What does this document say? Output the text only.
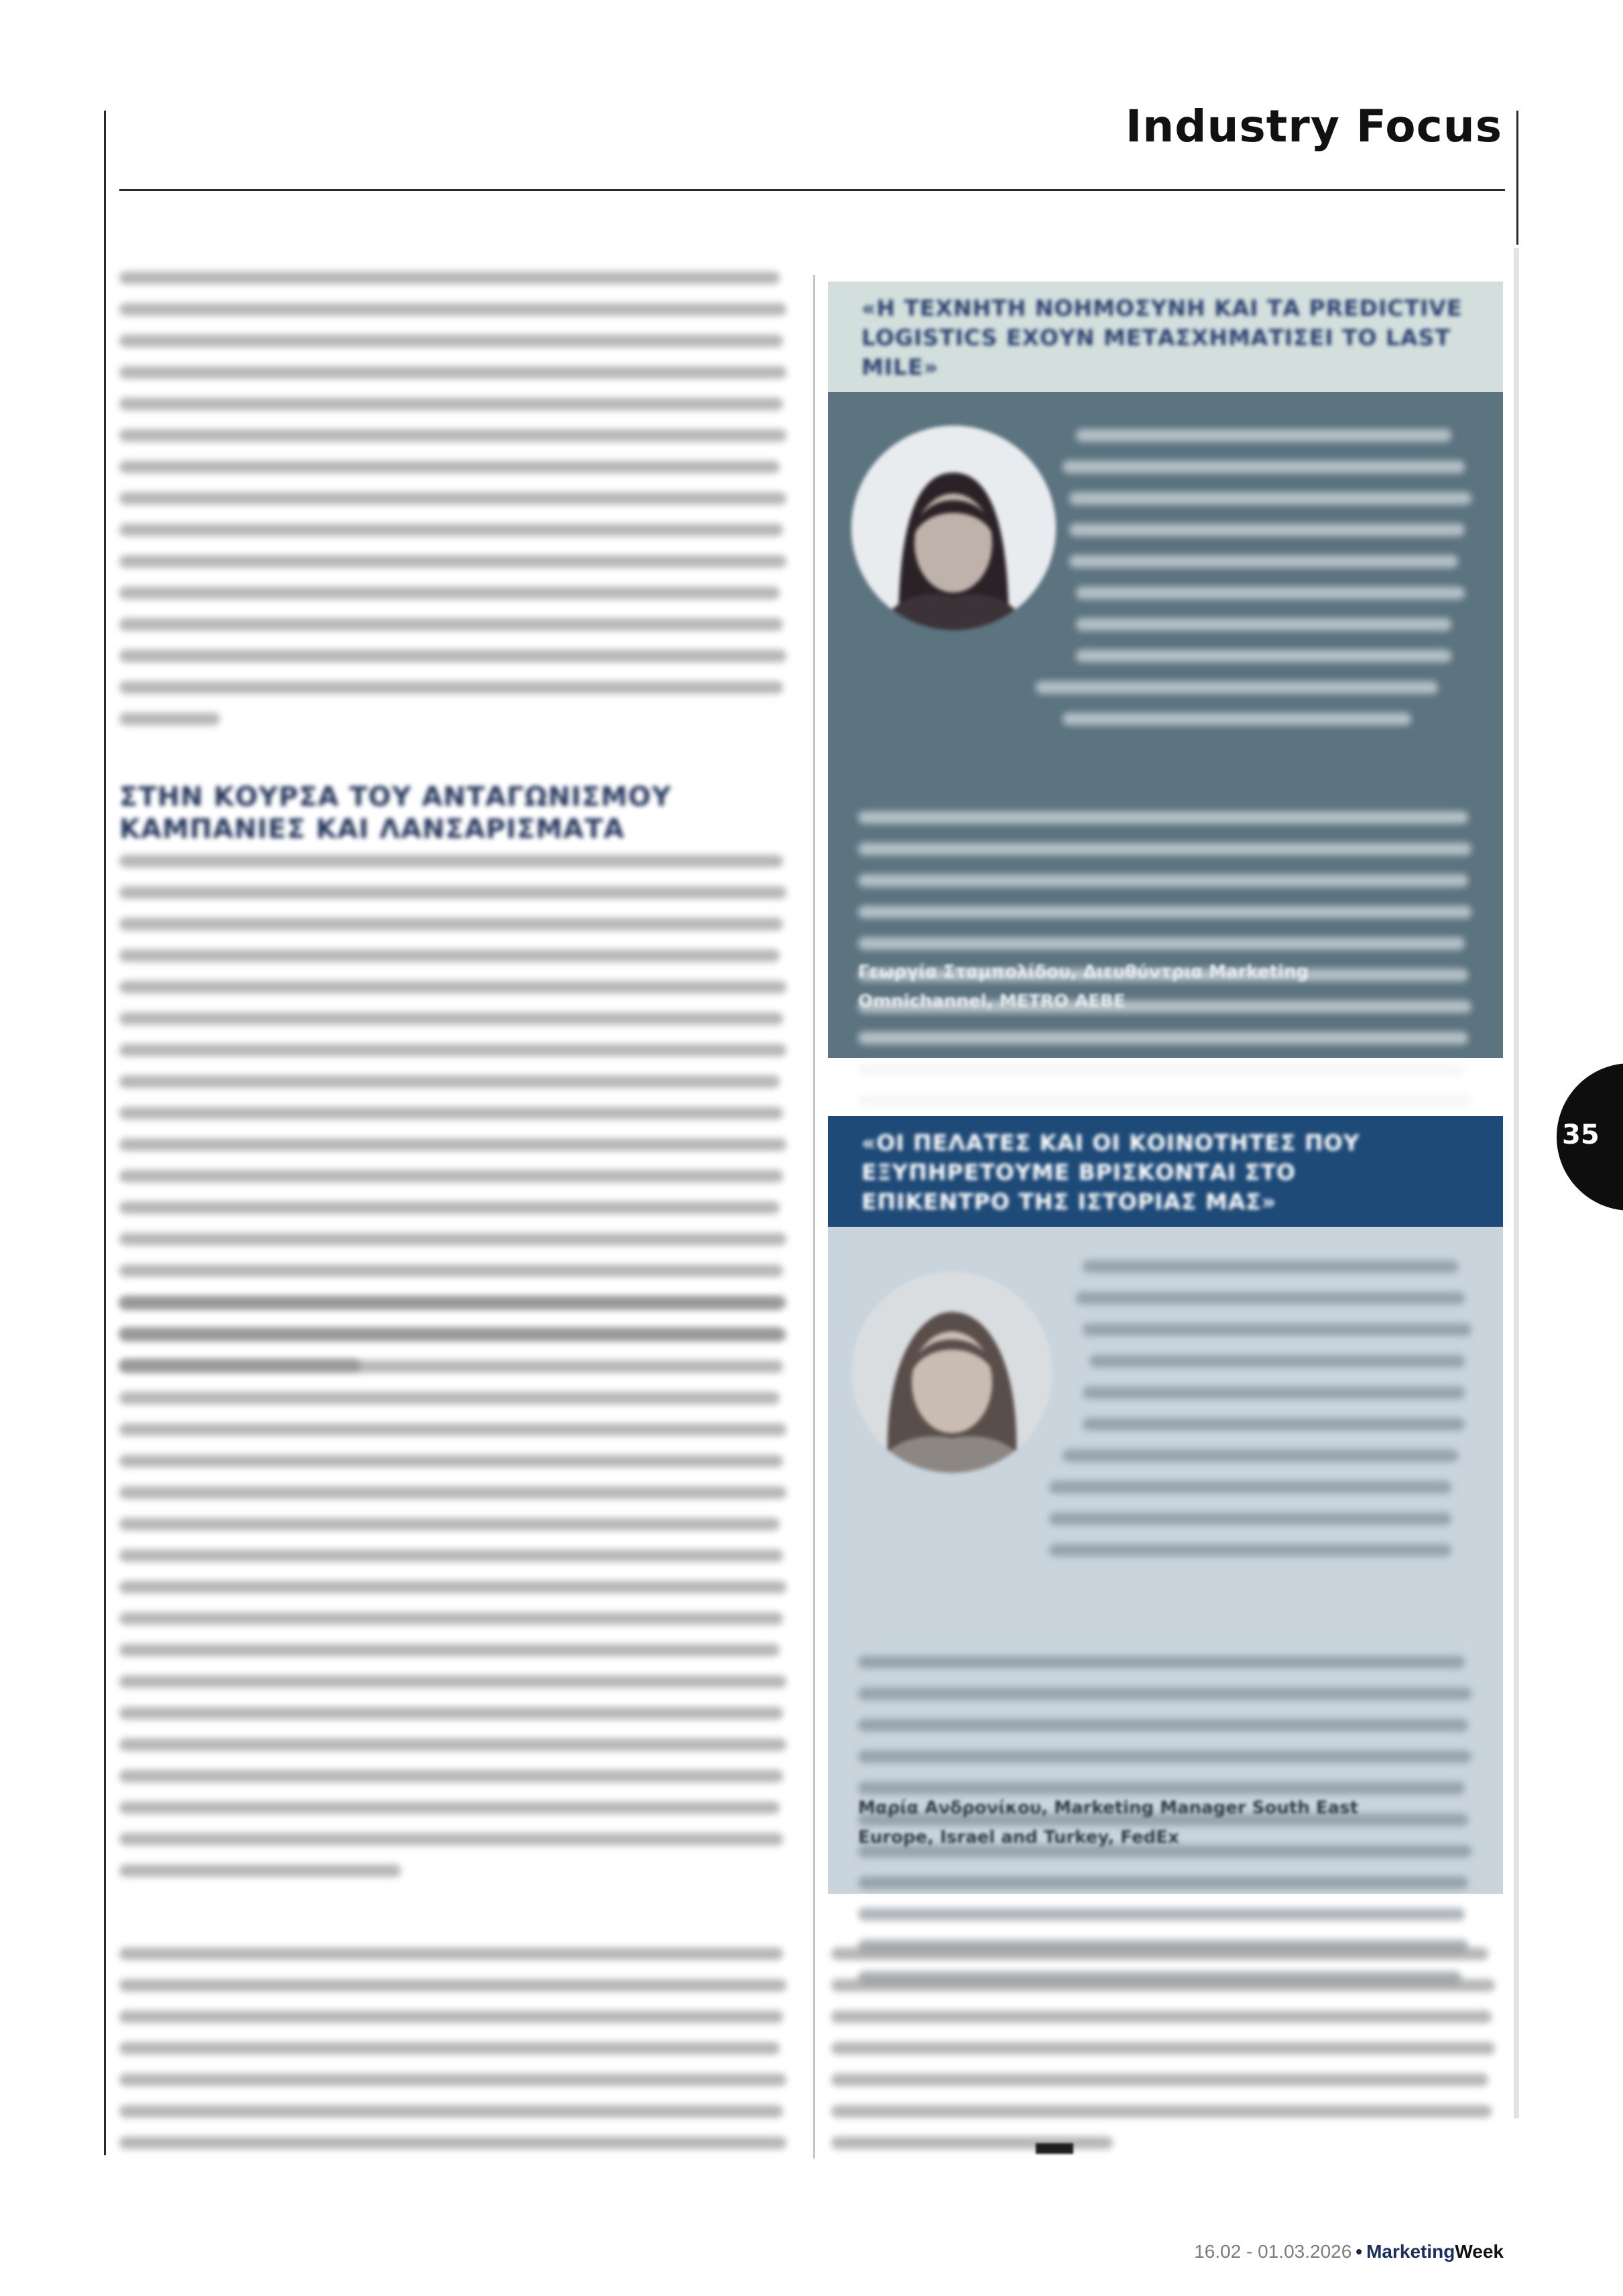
Industry Focus
35
ΣΤΗΝ ΚΟΥΡΣΑ ΤΟΥ ΑΝΤΑΓΩΝΙΣΜΟΥ ΚΑΜΠΑΝΙΕΣ ΚΑΙ ΛΑΝΣΑΡΙΣΜΑΤΑ

«Η ΤΕΧΝΗΤΗ ΝΟΗΜΟΣΥΝΗ ΚΑΙ ΤΑ PREDICTIVE LOGISTICS ΕΧΟΥΝ ΜΕΤΑΣΧΗΜΑΤΙΣΕΙ ΤΟ LAST MILE»

Γεωργία Σταμπολίδου, Διευθύντρια Marketing Omnichannel, METRO ΑΕΒΕ

«ΟΙ ΠΕΛΑΤΕΣ ΚΑΙ ΟΙ ΚΟΙΝΟΤΗΤΕΣ ΠΟΥ ΕΞΥΠΗΡΕΤΟΥΜΕ ΒΡΙΣΚΟΝΤΑΙ ΣΤΟ ΕΠΙΚΕΝΤΡΟ ΤΗΣ ΙΣΤΟΡΙΑΣ ΜΑΣ»

Μαρία Ανδρονίκου, Marketing Manager South East Europe, Israel and Turkey, FedEx

16.02 - 01.03.2026 • MarketingWeek
